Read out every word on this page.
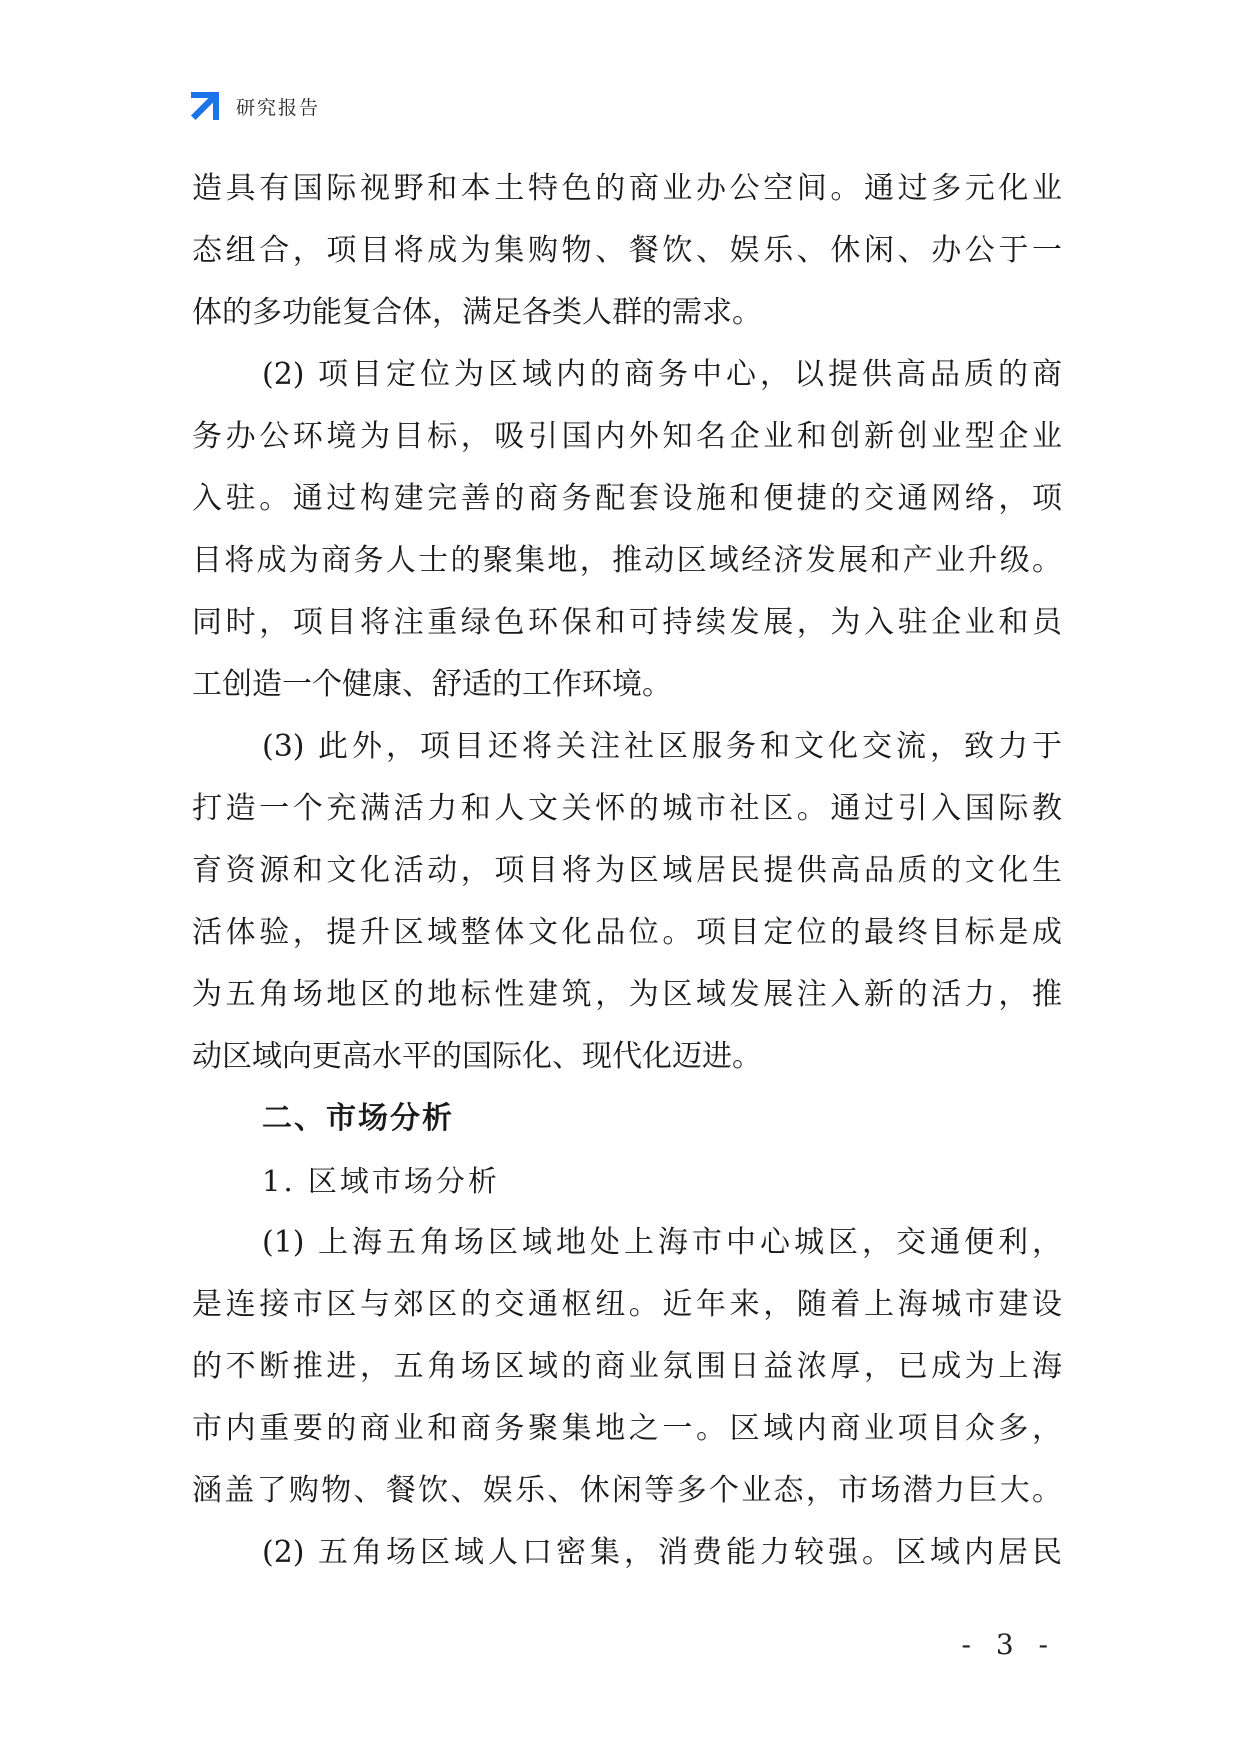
研究报告
造具有国际视野和本土特色的商业办公空间。通过多元化业
态组合，项目将成为集购物、餐饮、娱乐、休闲、办公于一
体的多功能复合体，满足各类人群的需求。
(2) 项目定位为区域内的商务中心，以提供高品质的商
务办公环境为目标，吸引国内外知名企业和创新创业型企业
入驻。通过构建完善的商务配套设施和便捷的交通网络，项
目将成为商务人士的聚集地，推动区域经济发展和产业升级。
同时，项目将注重绿色环保和可持续发展，为入驻企业和员
工创造一个健康、舒适的工作环境。
(3) 此外，项目还将关注社区服务和文化交流，致力于
打造一个充满活力和人文关怀的城市社区。通过引入国际教
育资源和文化活动，项目将为区域居民提供高品质的文化生
活体验，提升区域整体文化品位。项目定位的最终目标是成
为五角场地区的地标性建筑，为区域发展注入新的活力，推
动区域向更高水平的国际化、现代化迈进。
二、市场分析
1. 区域市场分析
(1) 上海五角场区域地处上海市中心城区，交通便利，
是连接市区与郊区的交通枢纽。近年来，随着上海城市建设
的不断推进，五角场区域的商业氛围日益浓厚，已成为上海
市内重要的商业和商务聚集地之一。区域内商业项目众多，
涵盖了购物、餐饮、娱乐、休闲等多个业态，市场潜力巨大。
(2) 五角场区域人口密集，消费能力较强。区域内居民
- 3 -
